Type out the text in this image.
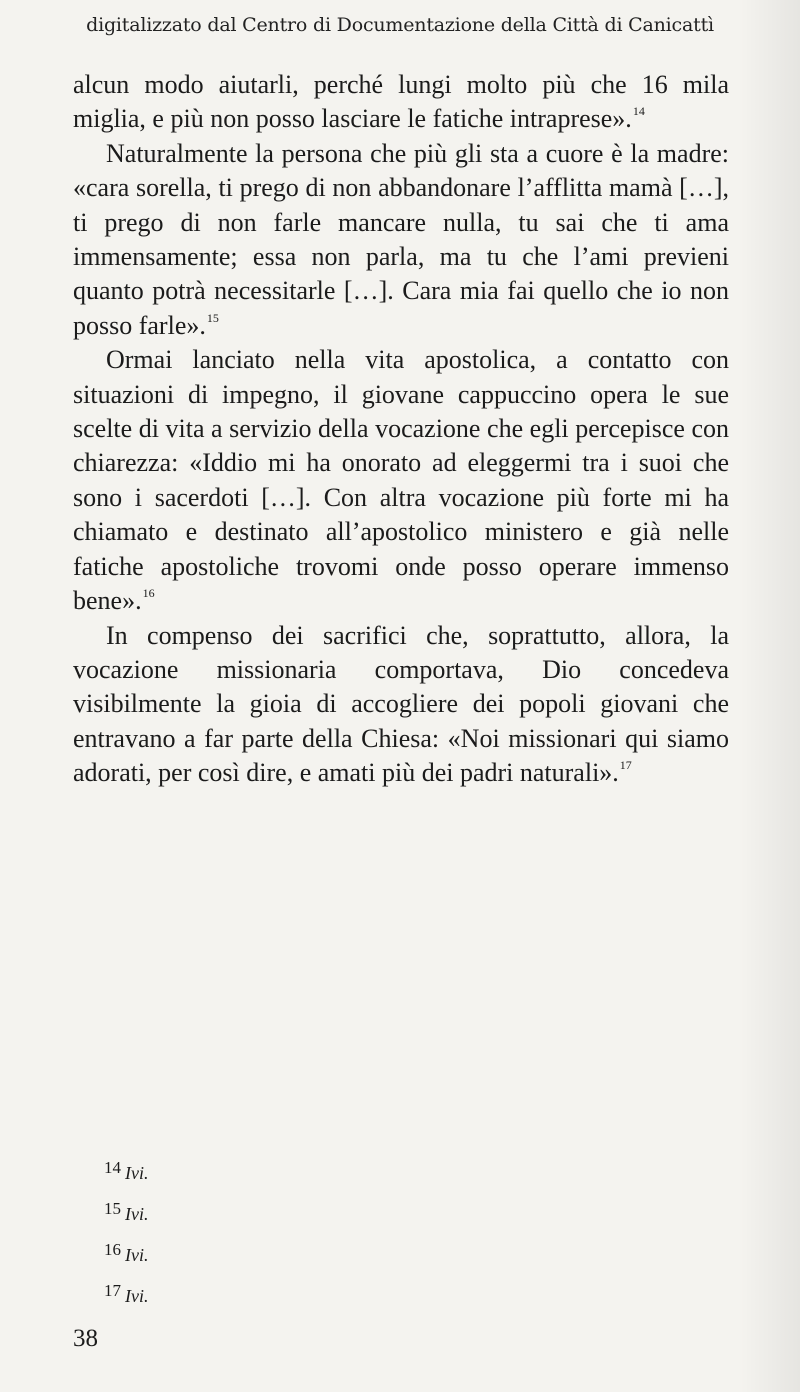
digitalizzato dal Centro di Documentazione della Città di Canicattì

alcun modo aiutarli, perché lungi molto più che 16 mila miglia, e più non posso lasciare le fatiche intraprese».$^{14}$

Naturalmente la persona che più gli sta a cuore è la madre: «cara sorella, ti prego di non abbandonare l’afflitta mamà […], ti prego di non farle mancare nulla, tu sai che ti ama immensamente; essa non parla, ma tu che l’ami previeni quanto potrà necessitarle […]. Cara mia fai quello che io non posso farle».$^{15}$

Ormai lanciato nella vita apostolica, a contatto con situazioni di impegno, il giovane cappuccino opera le sue scelte di vita a servizio della vocazione che egli percepisce con chiarezza: «Iddio mi ha onorato ad eleggermi tra i suoi che sono i sacerdoti […]. Con altra vocazione più forte mi ha chiamato e destinato all’apostolico ministero e già nelle fatiche apostoliche trovomi onde posso operare immenso bene».$^{16}$

In compenso dei sacrifici che, soprattutto, allora, la vocazione missionaria comportava, Dio concedeva visibilmente la gioia di accogliere dei popoli giovani che entravano a far parte della Chiesa: «Noi missionari qui siamo adorati, per così dire, e amati più dei padri naturali».$^{17}$

14 Ivi.
15 Ivi.
16 Ivi.
17 Ivi.
38
